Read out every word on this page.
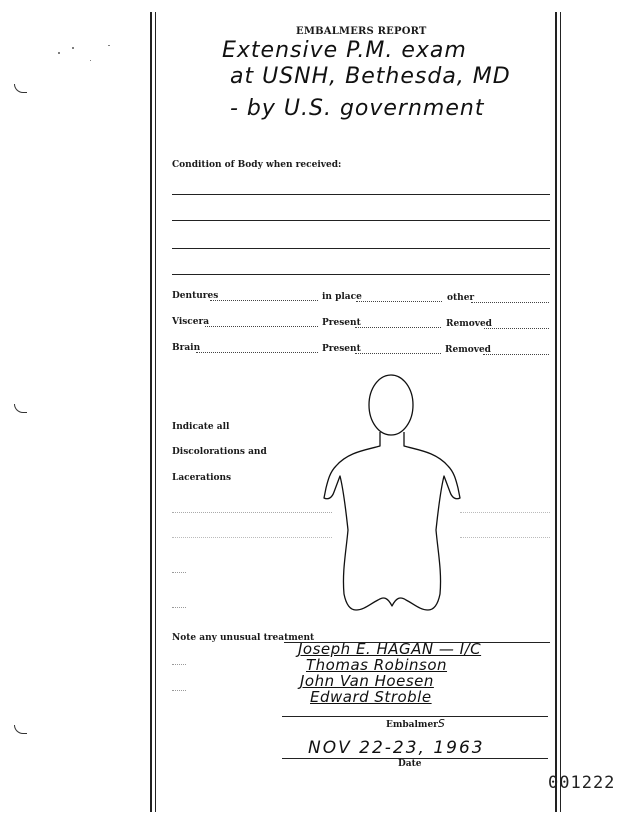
EMBALMERS REPORT
Extensive P.M. exam
at USNH, Bethesda, MD
- by U.S. government
Condition of Body when received:
Dentures	in place	other
Viscera	Present	Removed
Brain	Present	Removed
Indicate all
Discolorations and
Lacerations
Note any unusual treatment
Joseph E. HAGAN — I/C
Thomas Robinson
John Van Hoesen
Edward Stroble
EmbalmerS
NOV 22-23, 1963
Date
001222
